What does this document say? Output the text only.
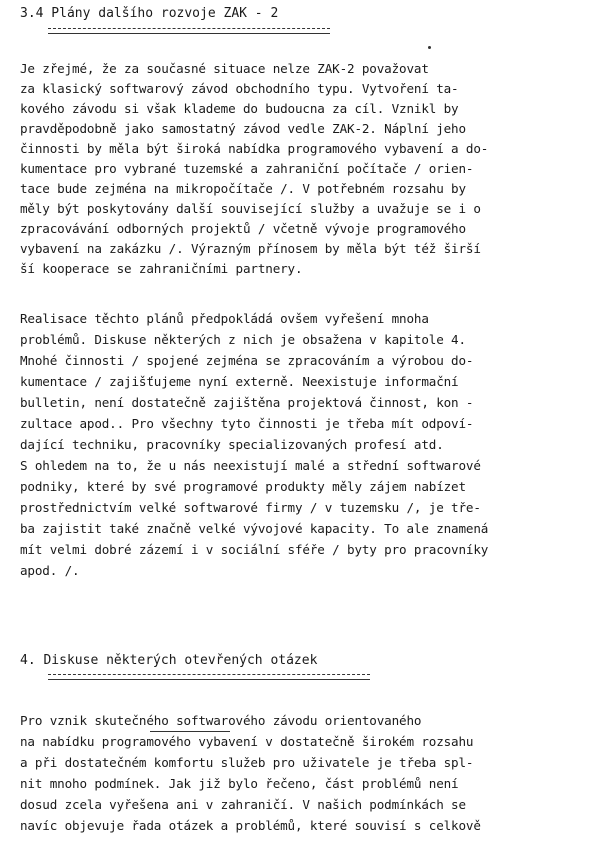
3.4 Plány dalšího rozvoje ZAK - 2
Je zřejmé, že za současné situace nelze ZAK-2 považovat
za klasický softwarový závod obchodního typu. Vytvoření ta-
kového závodu si však klademe do budoucna za cíl. Vznikl by
pravděpodobně jako samostatný závod vedle ZAK-2. Náplní jeho
činnosti by měla být široká nabídka programového vybavení a do-
kumentace pro vybrané tuzemské a zahraniční počítače / orien-
tace bude zejména na mikropočítače /. V potřebném rozsahu by
měly být poskytovány další související služby a uvažuje se i o
zpracovávání odborných projektů / včetně vývoje programového
vybavení na zakázku /. Výrazným přínosem by měla být též širší
ší kooperace se zahraničními partnery.
Realisace těchto plánů předpokládá ovšem vyřešení mnoha
problémů. Diskuse některých z nich je obsažena v kapitole 4.
Mnohé činnosti / spojené zejména se zpracováním a výrobou do-
kumentace / zajišťujeme nyní externě. Neexistuje informační
bulletin, není dostatečně zajištěna projektová činnost, kon -
zultace apod.. Pro všechny tyto činnosti je třeba mít odpoví-
dající techniku, pracovníky specializovaných profesí atd.
S ohledem na to, že u nás neexistují malé a střední softwarové
podniky, které by své programové produkty měly zájem nabízet
prostřednictvím velké softwarové firmy / v tuzemsku /, je tře-
ba zajistit také značně velké vývojové kapacity. To ale znamená
mít velmi dobré zázemí i v sociální sféře / byty pro pracovníky
apod. /.
4. Diskuse některých otevřených otázek
Pro vznik skutečného softwarového závodu orientovaného
na nabídku programového vybavení v dostatečně širokém rozsahu
a při dostatečném komfortu služeb pro uživatele je třeba spl-
nit mnoho podmínek. Jak již bylo řečeno, část problémů není
dosud zcela vyřešena ani v zahraničí. V našich podmínkách se
navíc objevuje řada otázek a problémů, které souvisí s celkově
